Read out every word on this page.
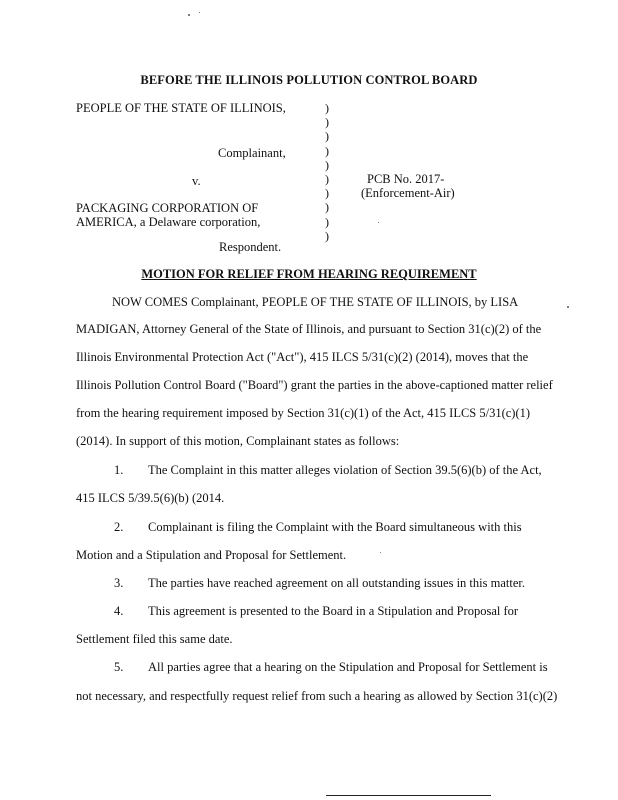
BEFORE THE ILLINOIS POLLUTION CONTROL BOARD
PEOPLE OF THE STATE OF ILLINOIS,
Complainant,
v.
PACKAGING CORPORATION OF
AMERICA, a Delaware corporation,
Respondent.
)
)
)
)
)
)
)
)
)
)
PCB No. 2017-
(Enforcement-Air)
MOTION FOR RELIEF FROM HEARING REQUIREMENT
NOW COMES Complainant, PEOPLE OF THE STATE OF ILLINOIS, by LISA
MADIGAN, Attorney General of the State of Illinois, and pursuant to Section 31(c)(2) of the
Illinois Environmental Protection Act ("Act"), 415 ILCS 5/31(c)(2) (2014), moves that the
Illinois Pollution Control Board ("Board") grant the parties in the above-captioned matter relief
from the hearing requirement imposed by Section 31(c)(1) of the Act, 415 ILCS 5/31(c)(1)
(2014). In support of this motion, Complainant states as follows:
1. The Complaint in this matter alleges violation of Section 39.5(6)(b) of the Act,
415 ILCS 5/39.5(6)(b) (2014.
2. Complainant is filing the Complaint with the Board simultaneous with this
Motion and a Stipulation and Proposal for Settlement.
3. The parties have reached agreement on all outstanding issues in this matter.
4. This agreement is presented to the Board in a Stipulation and Proposal for
Settlement filed this same date.
5. All parties agree that a hearing on the Stipulation and Proposal for Settlement is
not necessary, and respectfully request relief from such a hearing as allowed by Section 31(c)(2)
